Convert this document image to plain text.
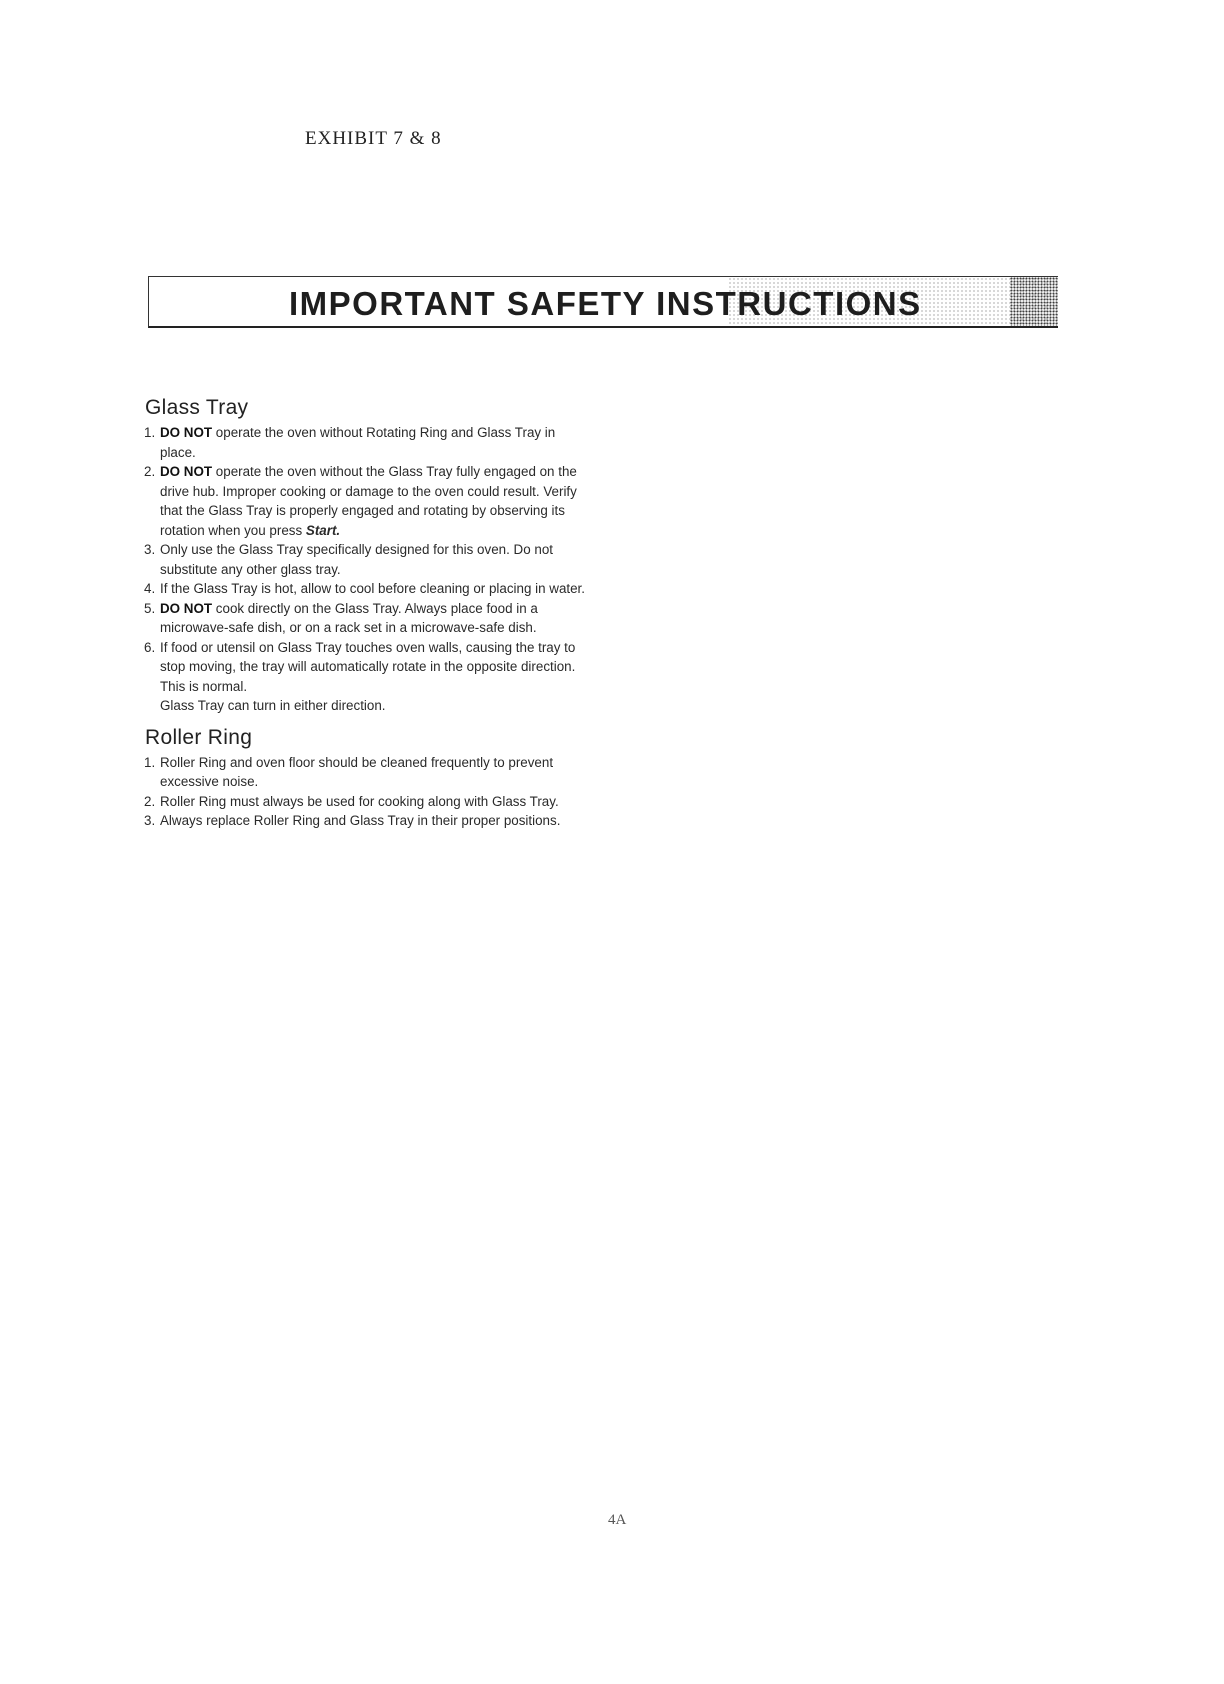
EXHIBIT 7 & 8
IMPORTANT SAFETY INSTRUCTIONS
Glass Tray
1. DO NOT operate the oven without Rotating Ring and Glass Tray in place.
2. DO NOT operate the oven without the Glass Tray fully engaged on the drive hub. Improper cooking or damage to the oven could result. Verify that the Glass Tray is properly engaged and rotating by observing its rotation when you press Start.
3. Only use the Glass Tray specifically designed for this oven. Do not substitute any other glass tray.
4. If the Glass Tray is hot, allow to cool before cleaning or placing in water.
5. DO NOT cook directly on the Glass Tray. Always place food in a microwave-safe dish, or on a rack set in a microwave-safe dish.
6. If food or utensil on Glass Tray touches oven walls, causing the tray to stop moving, the tray will automatically rotate in the opposite direction. This is normal.
Glass Tray can turn in either direction.
Roller Ring
1. Roller Ring and oven floor should be cleaned frequently to prevent excessive noise.
2. Roller Ring must always be used for cooking along with Glass Tray.
3. Always replace Roller Ring and Glass Tray in their proper positions.
4A
